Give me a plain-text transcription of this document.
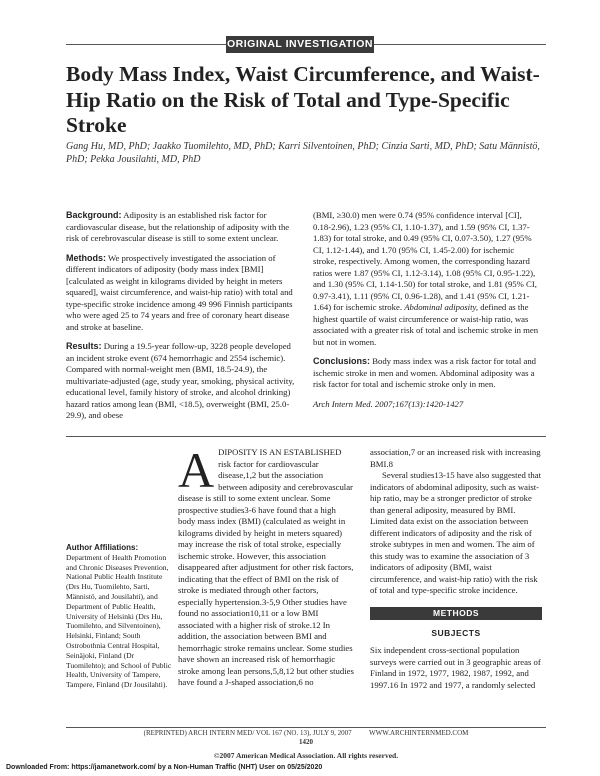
ORIGINAL INVESTIGATION
Body Mass Index, Waist Circumference, and Waist-Hip Ratio on the Risk of Total and Type-Specific Stroke
Gang Hu, MD, PhD; Jaakko Tuomilehto, MD, PhD; Karri Silventoinen, PhD; Cinzia Sarti, MD, PhD; Satu Männistö, PhD; Pekka Jousilahti, MD, PhD

Background: Adiposity is an established risk factor for cardiovascular disease, but the relationship of adiposity with the risk of cerebrovascular disease is still to some extent unclear.

Methods: We prospectively investigated the association of different indicators of adiposity (body mass index [BMI] [calculated as weight in kilograms divided by height in meters squared], waist circumference, and waist-hip ratio) with total and type-specific stroke incidence among 49 996 Finnish participants who were aged 25 to 74 years and free of coronary heart disease and stroke at baseline.

Results: During a 19.5-year follow-up, 3228 people developed an incident stroke event (674 hemorrhagic and 2554 ischemic). Compared with normal-weight men (BMI, 18.5-24.9), the multivariate-adjusted (age, study year, smoking, physical activity, educational level, family history of stroke, and alcohol drinking) hazard ratios among lean (BMI, <18.5), overweight (BMI, 25.0-29.9), and obese

(BMI, ≥30.0) men were 0.74 (95% confidence interval [CI], 0.18-2.96), 1.23 (95% CI, 1.10-1.37), and 1.59 (95% CI, 1.37-1.83) for total stroke, and 0.49 (95% CI, 0.07-3.50), 1.27 (95% CI, 1.12-1.44), and 1.70 (95% CI, 1.45-2.00) for ischemic stroke, respectively. Among women, the corresponding hazard ratios were 1.87 (95% CI, 1.12-3.14), 1.08 (95% CI, 0.95-1.22), and 1.30 (95% CI, 1.14-1.50) for total stroke, and 1.81 (95% CI, 0.97-3.41), 1.11 (95% CI, 0.96-1.28), and 1.41 (95% CI, 1.21-1.64) for ischemic stroke. Abdominal adiposity, defined as the highest quartile of waist circumference or waist-hip ratio, was associated with a greater risk of total and ischemic stroke in men but not in women.

Conclusions: Body mass index was a risk factor for total and ischemic stroke in men and women. Abdominal adiposity was a risk factor for total and ischemic stroke only in men.

Arch Intern Med. 2007;167(13):1420-1427

Author Affiliations:
Department of Health Promotion and Chronic Diseases Prevention, National Public Health Institute (Drs Hu, Tuomilehto, Sarti, Männistö, and Jousilahti), and Department of Public Health, University of Helsinki (Drs Hu, Tuomilehto, and Silventoinen), Helsinki, Finland; South Ostrobothnia Central Hospital, Seinäjoki, Finland (Dr Tuomilehto); and School of Public Health, University of Tampere, Tampere, Finland (Dr Jousilahti).
ADIPOSITY IS AN ESTABLISHED risk factor for cardiovascular disease,1,2 but the association between adiposity and cerebrovascular disease is still to some extent unclear. Some prospective studies3-6 have found that a high body mass index (BMI) (calculated as weight in kilograms divided by height in meters squared) may increase the risk of total stroke, especially ischemic stroke. However, this association disappeared after adjustment for other risk factors, indicating that the effect of BMI on the risk of stroke is mediated through other factors, especially hypertension.3-5,9 Other studies have found no association10,11 or a low BMI associated with a higher risk of stroke.12 In addition, the association between BMI and hemorrhagic stroke remains unclear. Some studies have shown an increased risk of hemorrhagic stroke among lean persons,5,8,12 but other studies have found a J-shaped association,6 no
association,7 or an increased risk with increasing BMI.8

Several studies13-15 have also suggested that indicators of abdominal adiposity, such as waist-hip ratio, may be a stronger predictor of stroke than general adiposity, measured by BMI. Limited data exist on the association between different indicators of adiposity and the risk of stroke subtypes in men and women. The aim of this study was to examine the association of 3 indicators of adiposity (BMI, waist circumference, and waist-hip ratio) with the risk of total and type-specific stroke incidence.

METHODS
SUBJECTS
Six independent cross-sectional population surveys were carried out in 3 geographic areas of Finland in 1972, 1977, 1982, 1987, 1992, and 1997.16 In 1972 and 1977, a randomly selected
(REPRINTED) ARCH INTERN MED/ VOL 167 (NO. 13), JULY 9, 2007          WWW.ARCHINTERNMED.COM
1420
©2007 American Medical Association. All rights reserved.
Downloaded From: https://jamanetwork.com/ by a Non-Human Traffic (NHT) User on 05/25/2020
